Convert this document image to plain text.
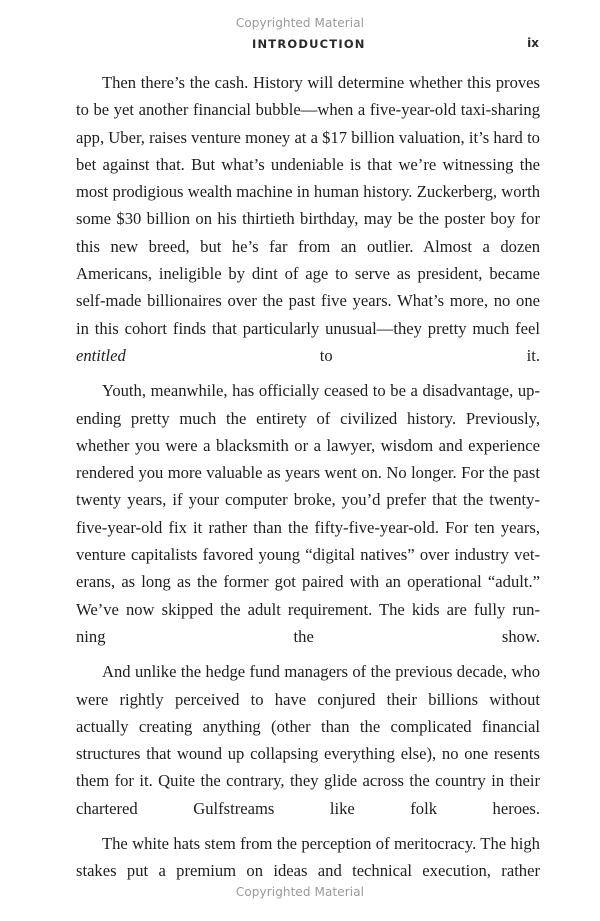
Copyrighted Material
INTRODUCTION	ix

Then there’s the cash. History will determine whether this proves to be yet another financial bubble—when a five-year-old taxi-sharing app, Uber, raises venture money at a $17 billion valuation, it’s hard to bet against that. But what’s undeniable is that we’re witnessing the most prodigious wealth machine in human history. Zuckerberg, worth some $30 billion on his thirtieth birthday, may be the poster boy for this new breed, but he’s far from an outlier. Almost a dozen Americans, ineligible by dint of age to serve as president, became self-made billionaires over the past five years. What’s more, no one in this cohort finds that particularly unusual—they pretty much feel entitled to it.

Youth, meanwhile, has officially ceased to be a disadvantage, up- ending pretty much the entirety of civilized history. Previously, whether you were a blacksmith or a lawyer, wisdom and experience rendered you more valuable as years went on. No longer. For the past twenty years, if your computer broke, you’d prefer that the twenty- five-year-old fix it rather than the fifty-five-year-old. For ten years, venture capitalists favored young “digital natives” over industry vet- erans, as long as the former got paired with an operational “adult.” We’ve now skipped the adult requirement. The kids are fully run- ning the show.

And unlike the hedge fund managers of the previous decade, who were rightly perceived to have conjured their billions without actually creating anything (other than the complicated financial structures that wound up collapsing everything else), no one resents them for it. Quite the contrary, they glide across the country in their chartered Gulfstreams like folk heroes.

The white hats stem from the perception of meritocracy. The high stakes put a premium on ideas and technical execution, rather

Copyrighted Material
